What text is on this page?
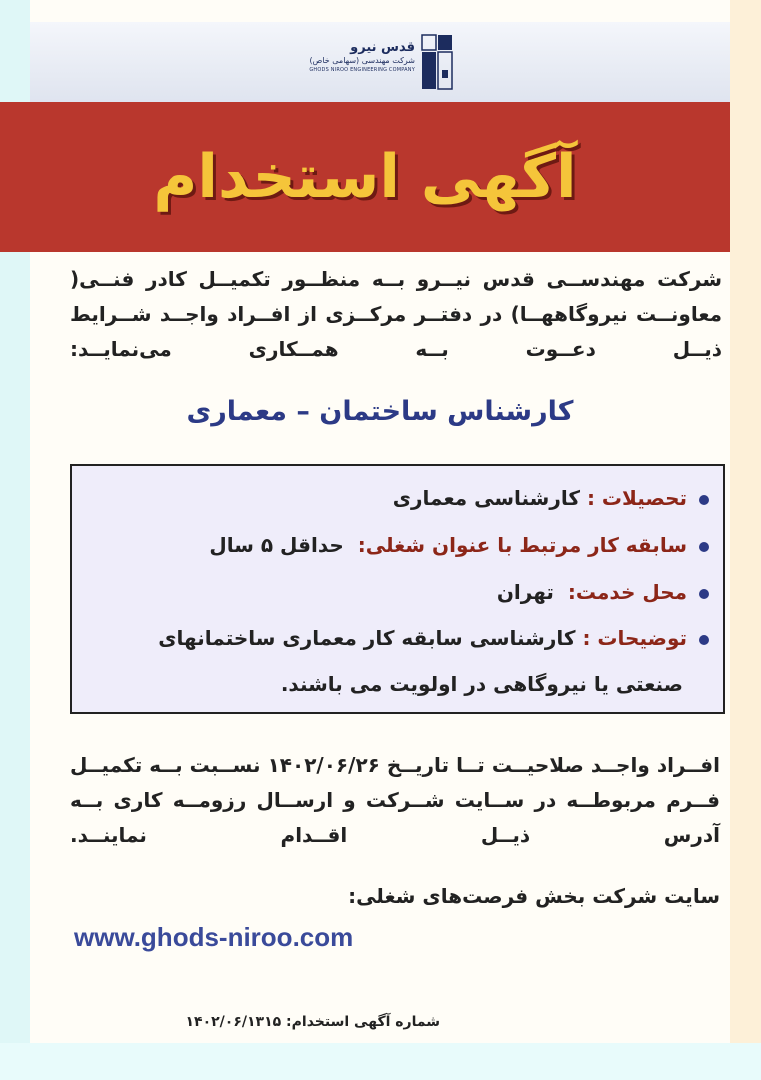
قدس نیرو
شرکت مهندسی (سهامی خاص)
GHODS NIROO ENGINEERING COMPANY
آگهی استخدام
شرکت مهندســی قدس نیــرو بــه منظــور تکمیــل کادر فنــی( معاونــت نیروگاههــا) در دفتــر مرکــزی از افــراد واجــد شــرایط ذیــل دعــوت بــه همــکاری می‌نمایــد:
کارشناس ساختمان – معماری
تحصیلات : کارشناسی معماری
سابقه کار مرتبط با عنوان شغلی:  حداقل ۵ سال
محل خدمت:  تهران
توضیحات : کارشناسی سابقه کار معماری ساختمانهای
صنعتی یا نیروگاهی در اولویت می باشند.
افــراد واجــد صلاحیــت تــا تاریــخ ۱۴۰۲/۰۶/۲۶ نســبت بــه تکمیــل فــرم مربوطــه در ســایت شــرکت و ارســال رزومــه کاری بــه آدرس ذیــل اقــدام نماینــد.
سایت شرکت بخش فرصت‌های شغلی:
www.ghods-niroo.com
شماره آگهی استخدام: ۱۴۰۲/۰۶/۱۳۱۵
